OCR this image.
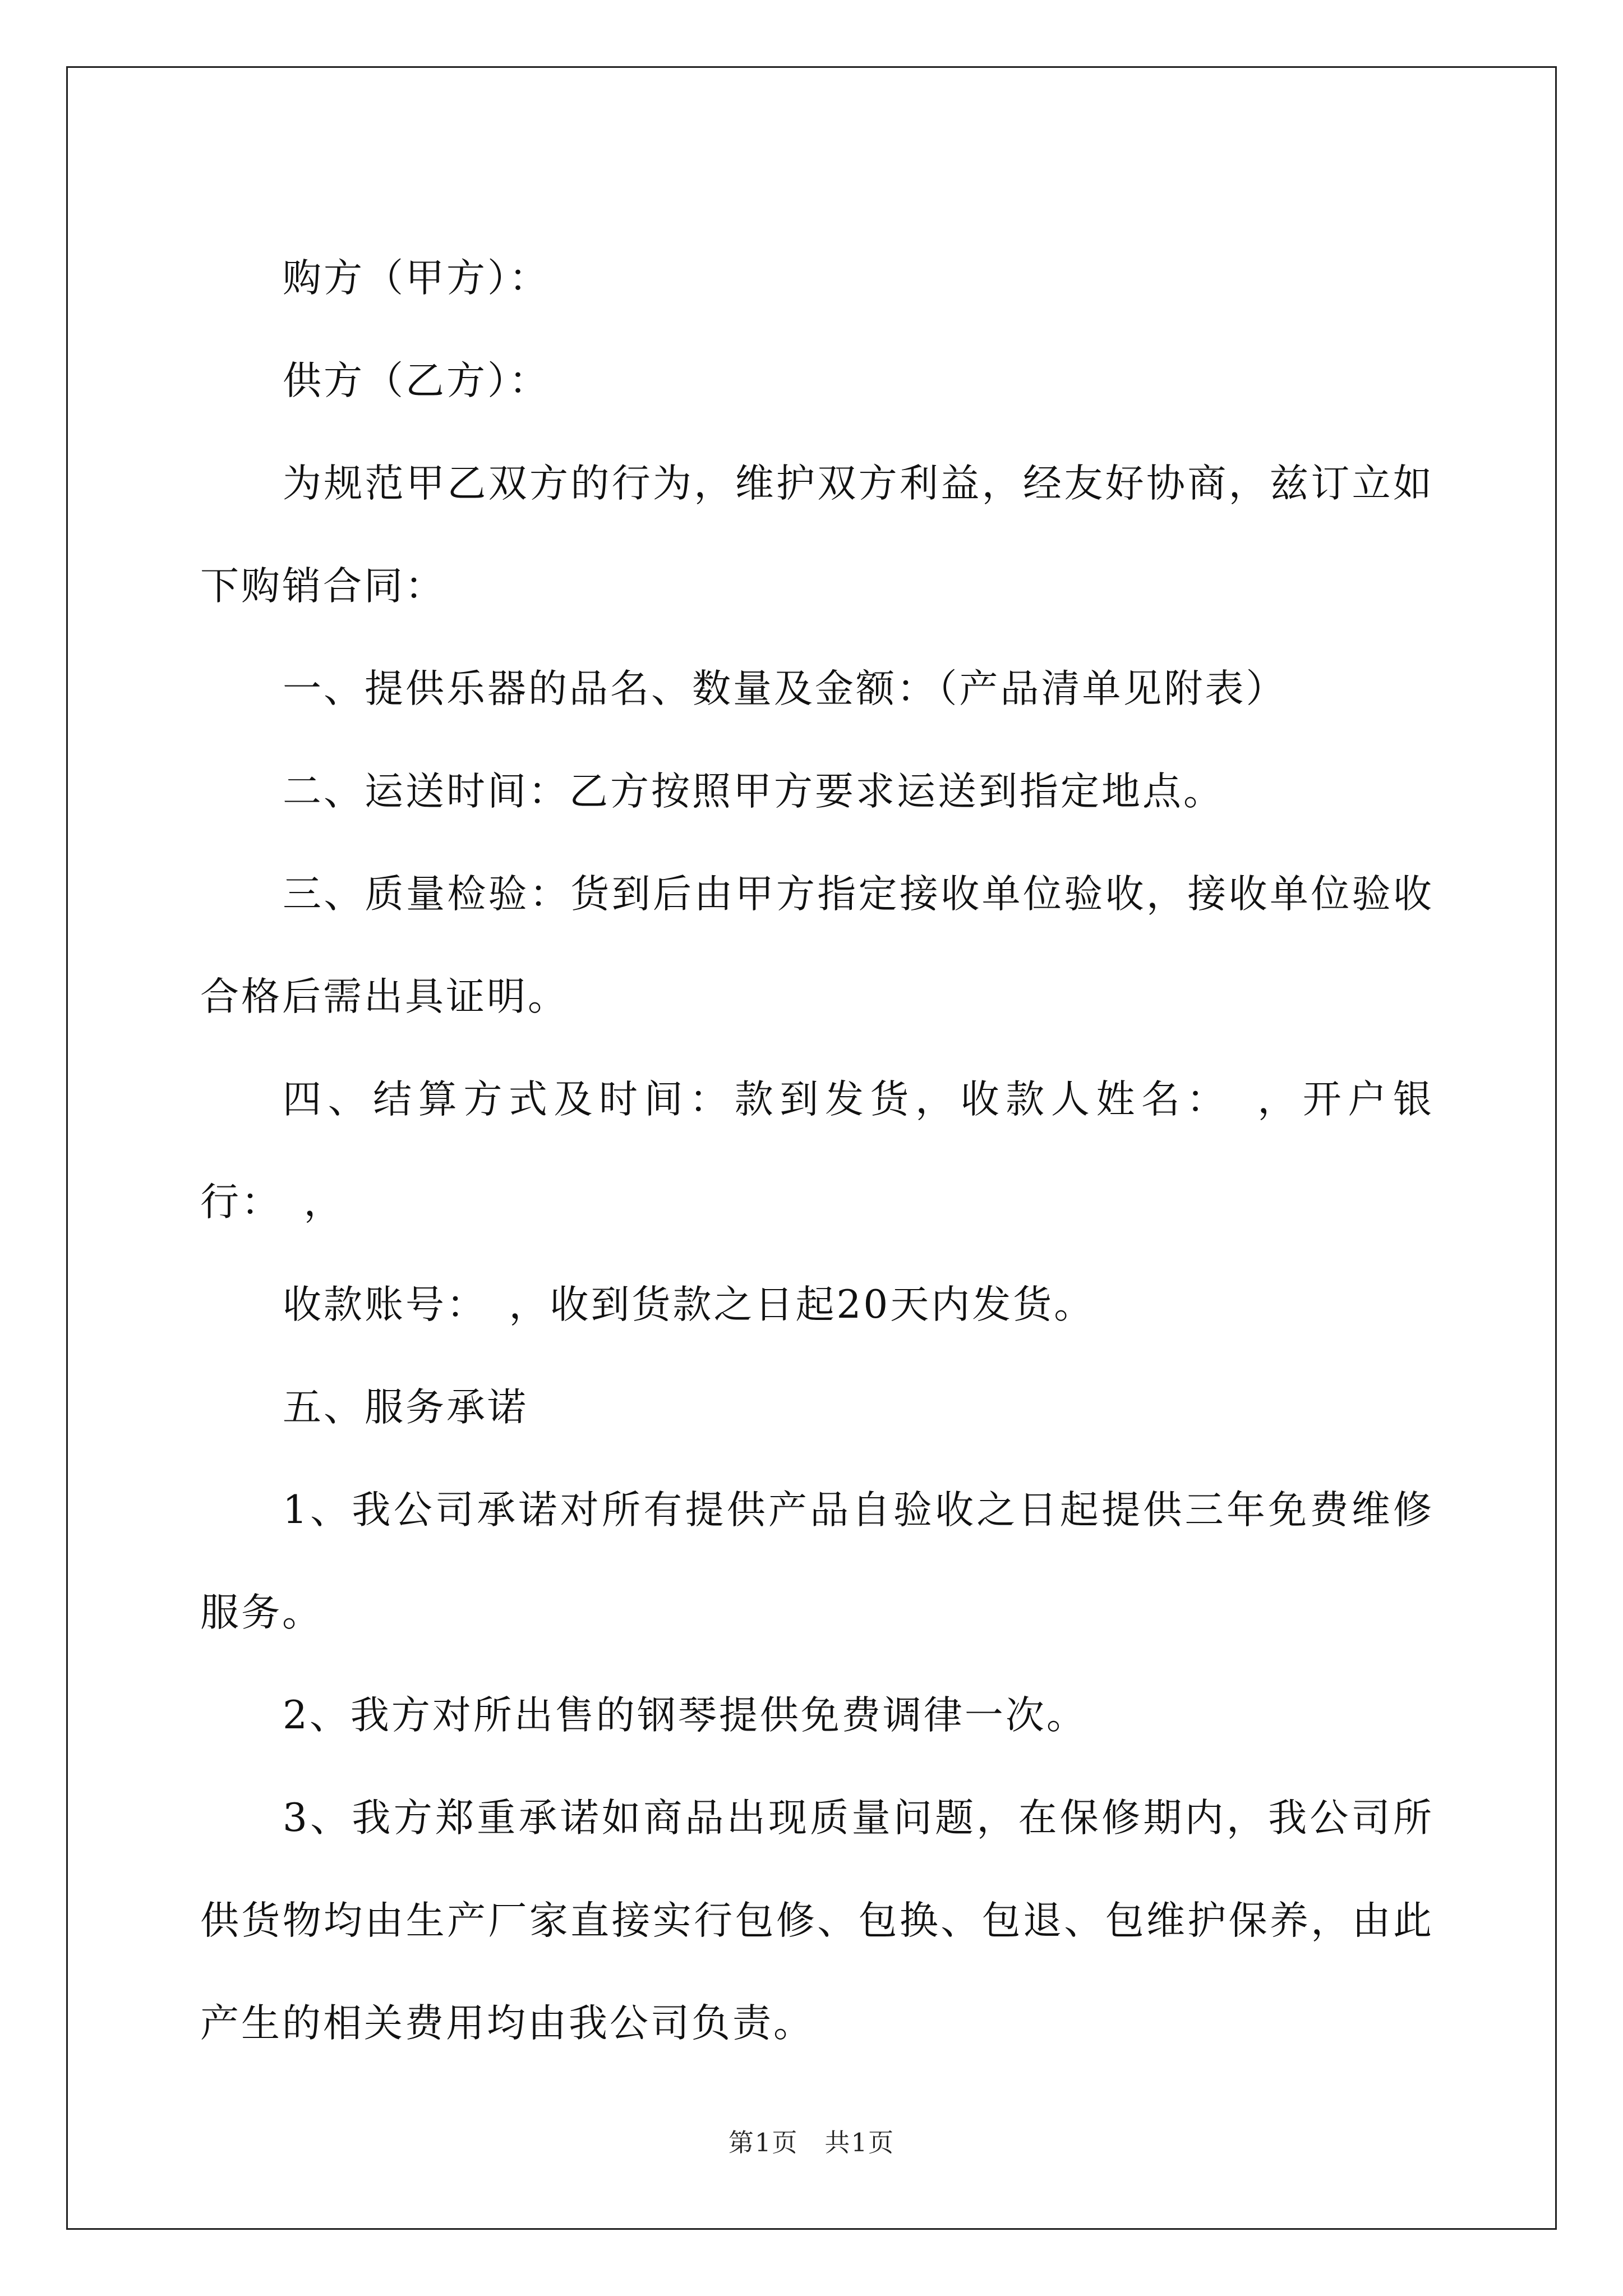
购方（甲方）：

供方（乙方）：

为规范甲乙双方的行为，维护双方利益，经友好协商，兹订立如下购销合同：

一、提供乐器的品名、数量及金额：（产品清单见附表）

二、运送时间：乙方按照甲方要求运送到指定地点。

三、质量检验：货到后由甲方指定接收单位验收，接收单位验收合格后需出具证明。

四、结算方式及时间：款到发货，收款人姓名：　，开户银行：　，

收款账号：　，收到货款之日起20天内发货。

五、服务承诺

1、我公司承诺对所有提供产品自验收之日起提供三年免费维修服务。

2、我方对所出售的钢琴提供免费调律一次。

3、我方郑重承诺如商品出现质量问题，在保修期内，我公司所供货物均由生产厂家直接实行包修、包换、包退、包维护保养，由此产生的相关费用均由我公司负责。

第1页　共1页
